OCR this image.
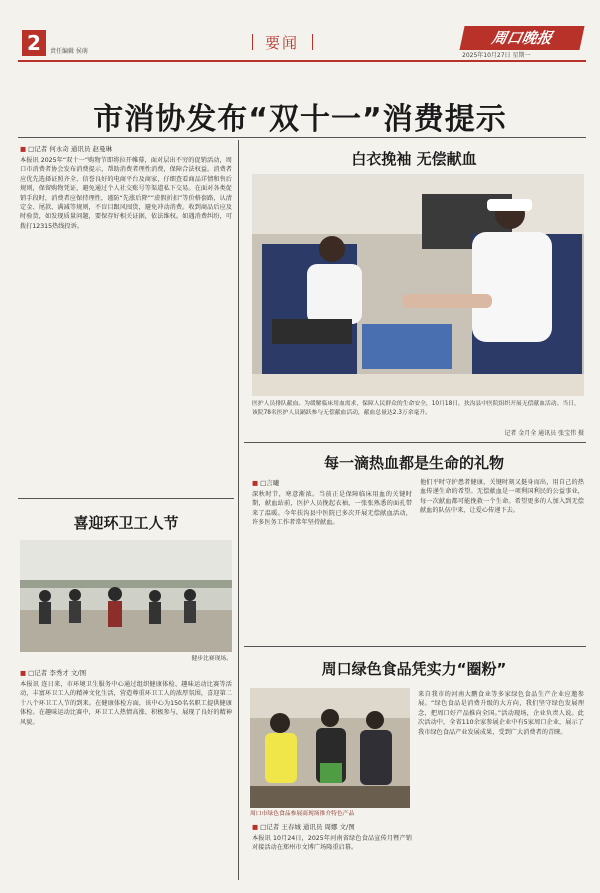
2	责任编辑 侯萌	要闻	周口晚报
2025年10月27日 星期一
市消协发布“双十一”消费提示
■ □记者 何永奇 通讯员 赵曼琳
本报讯 2025年“双十一”购物节即将拉开帷幕，面对层出不穷的促销活动，周口市消费者协会发布消费提示，帮助消费者理性消费，保障合法权益。消费者应优先选择证照齐全、信誉良好的电商平台及商家，仔细查看商品详情和售后规则，保留购物凭证，避免通过个人社交账号等渠道私下交易。在面对各类促销手段时，消费者应保持理性，谨防“先涨后降”“虚假折扣”等价格套路，认清定金、尾款、满减等规则，不盲目跟风囤货，避免冲动消费。收到商品后应及时验货，如发现质量问题，要保存好相关证据，依法维权。如遇消费纠纷，可拨打12315热线投诉。
白衣挽袖 无偿献血
医护人员排队献血。为缓解临床用血需求，保障人民群众的生命安全，10月18日，扶沟县中医院组织开展无偿献血活动。当日，该院78名医护人员踊跃参与无偿献血活动，献血总量达2.3万余毫升。
记者 金月全 通讯员 张宝伟 摄
每一滴热血都是生命的礼物
■ □言曦
深秋时节，寒意渐浓。当前正是保障临床用血的关键时期，献血站前，医护人员挽起衣袖，一张张熟悉的面孔带来了温暖。今年扶沟县中医院已多次开展无偿献血活动，许多医务工作者常年坚持献血。
他们平时守护患者健康，关键时刻又挺身而出，用自己的热血传递生命的希望。无偿献血是一项利国利民的公益事业，每一次献血都可能挽救一个生命。希望更多的人加入到无偿献血的队伍中来，让爱心传递下去。
周口绿色食品凭实力“圈粉”
周口市绿色食品参展商现场推介特色产品
■ □记者 王春城 通讯员 周娜 文/图
本报讯 10月24日，2025年河南省绿色食品宣传月暨产销对接活动在郑州市文博广场隆重启幕。
来自我市的河南大鹏食业等多家绿色食品生产企业应邀参展。“绿色食品是消费升级的大方向，我们坚守绿色发展理念，把周口好产品推向全国。”活动现场，企业负责人说。此次活动中，全省110余家参展企业中有5家周口企业，展示了我市绿色食品产业发展成果，受到广大消费者的青睐。
喜迎环卫工人节
健步比赛现场。
■ □记者 李秀才 文/图
本报讯 连日来，市环境卫生服务中心通过组织健康体检、趣味运动比赛等活动，丰富环卫工人的精神文化生活，营造尊重环卫工人的浓厚氛围，喜迎第二十八个环卫工人节的到来。在健康体检方面，该中心为150名名职工提供健康体检。在趣味运动比赛中，环卫工人热情高涨、积极参与，展现了良好的精神风貌。
